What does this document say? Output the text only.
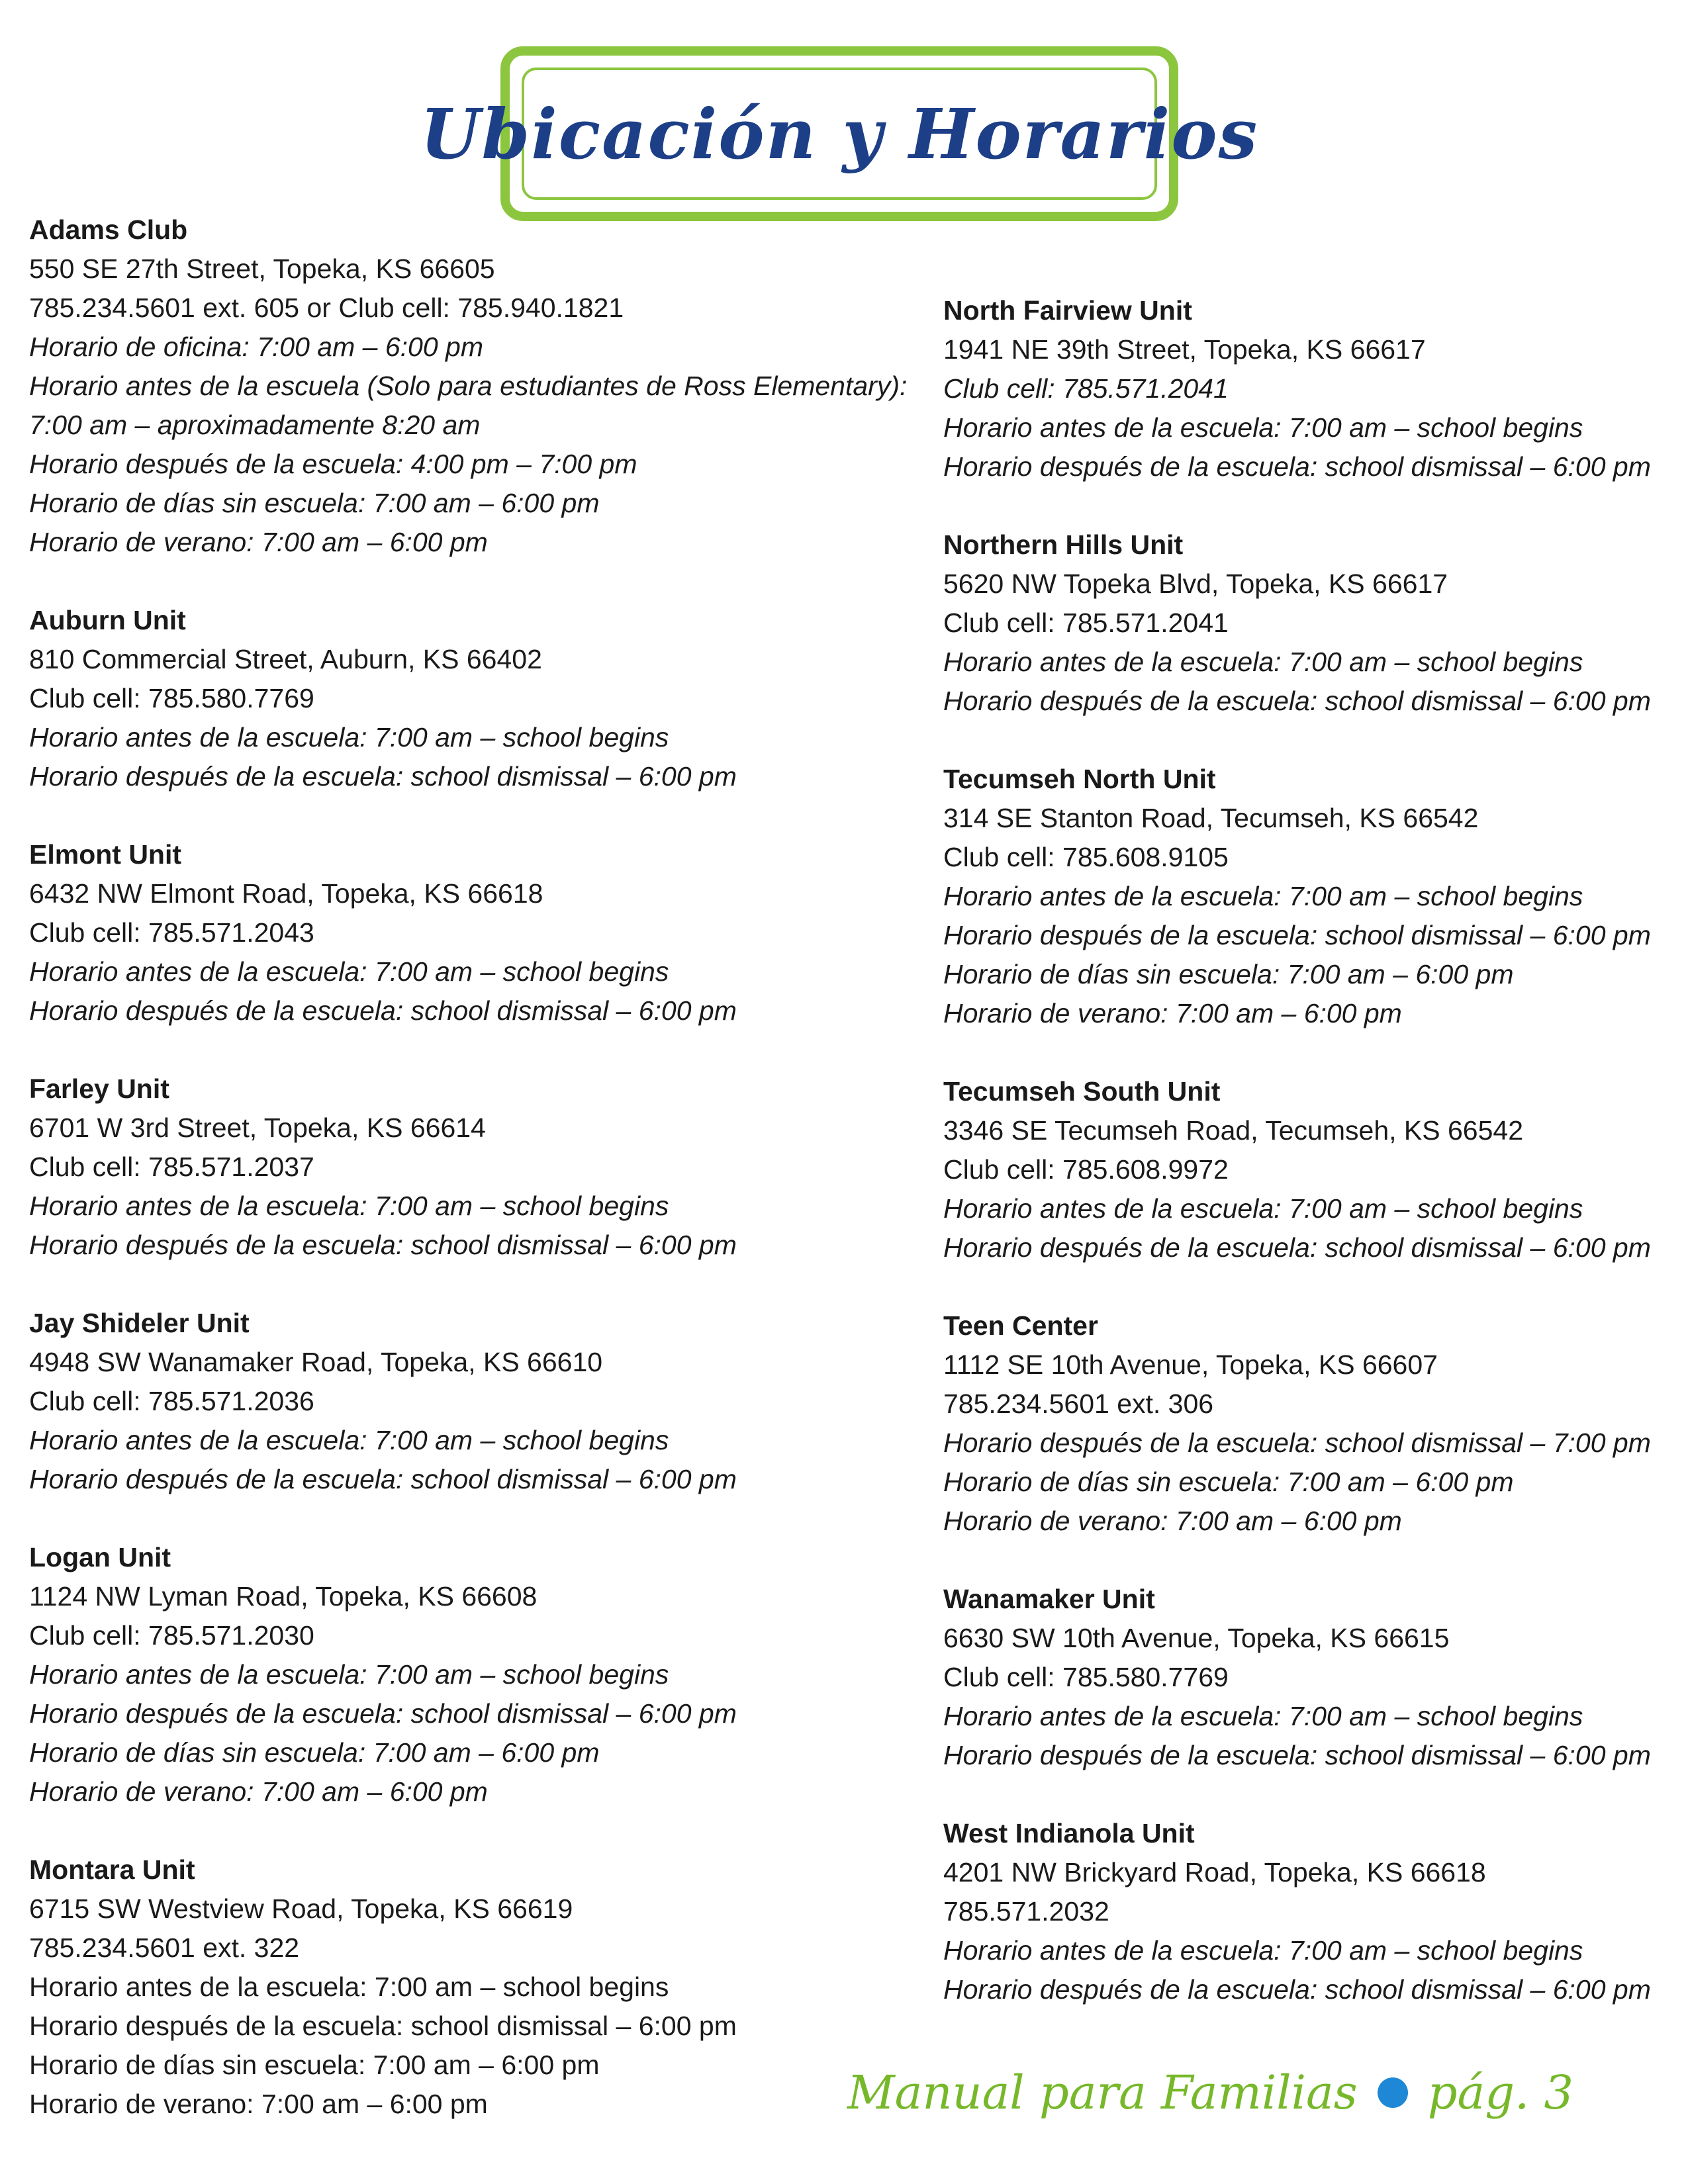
Ubicación y Horarios
Adams Club
550 SE 27th Street, Topeka, KS 66605
785.234.5601 ext. 605 or Club cell: 785.940.1821
Horario de oficina: 7:00 am – 6:00 pm
Horario antes de la escuela (Solo para estudiantes de Ross Elementary):
7:00 am – aproximadamente 8:20 am
Horario después de la escuela: 4:00 pm – 7:00 pm
Horario de días sin escuela: 7:00 am – 6:00 pm
Horario de verano: 7:00 am – 6:00 pm
Auburn Unit
810 Commercial Street, Auburn, KS 66402
Club cell: 785.580.7769
Horario antes de la escuela: 7:00 am – school begins
Horario después de la escuela: school dismissal – 6:00 pm
Elmont Unit
6432 NW Elmont Road, Topeka, KS 66618
Club cell: 785.571.2043
Horario antes de la escuela: 7:00 am – school begins
Horario después de la escuela: school dismissal – 6:00 pm
Farley Unit
6701 W 3rd Street, Topeka, KS 66614
Club cell: 785.571.2037
Horario antes de la escuela: 7:00 am – school begins
Horario después de la escuela: school dismissal – 6:00 pm
Jay Shideler Unit
4948 SW Wanamaker Road, Topeka, KS 66610
Club cell: 785.571.2036
Horario antes de la escuela: 7:00 am – school begins
Horario después de la escuela: school dismissal – 6:00 pm
Logan Unit
1124 NW Lyman Road, Topeka, KS 66608
Club cell: 785.571.2030
Horario antes de la escuela: 7:00 am – school begins
Horario después de la escuela: school dismissal – 6:00 pm
Horario de días sin escuela: 7:00 am – 6:00 pm
Horario de verano: 7:00 am – 6:00 pm
Montara Unit
6715 SW Westview Road, Topeka, KS 66619
785.234.5601 ext. 322
Horario antes de la escuela: 7:00 am – school begins
Horario después de la escuela: school dismissal – 6:00 pm
Horario de días sin escuela: 7:00 am – 6:00 pm
Horario de verano: 7:00 am – 6:00 pm
North Fairview Unit
1941 NE 39th Street, Topeka, KS 66617
Club cell: 785.571.2041
Horario antes de la escuela: 7:00 am – school begins
Horario después de la escuela: school dismissal – 6:00 pm
Northern Hills Unit
5620 NW Topeka Blvd, Topeka, KS 66617
Club cell: 785.571.2041
Horario antes de la escuela: 7:00 am – school begins
Horario después de la escuela: school dismissal – 6:00 pm
Tecumseh North Unit
314 SE Stanton Road, Tecumseh, KS 66542
Club cell: 785.608.9105
Horario antes de la escuela: 7:00 am – school begins
Horario después de la escuela: school dismissal – 6:00 pm
Horario de días sin escuela: 7:00 am – 6:00 pm
Horario de verano: 7:00 am – 6:00 pm
Tecumseh South Unit
3346 SE Tecumseh Road, Tecumseh, KS 66542
Club cell: 785.608.9972
Horario antes de la escuela: 7:00 am – school begins
Horario después de la escuela: school dismissal – 6:00 pm
Teen Center
1112 SE 10th Avenue, Topeka, KS 66607
785.234.5601 ext. 306
Horario después de la escuela: school dismissal – 7:00 pm
Horario de días sin escuela: 7:00 am – 6:00 pm
Horario de verano: 7:00 am – 6:00 pm
Wanamaker Unit
6630 SW 10th Avenue, Topeka, KS 66615
Club cell: 785.580.7769
Horario antes de la escuela: 7:00 am – school begins
Horario después de la escuela: school dismissal – 6:00 pm
West Indianola Unit
4201 NW Brickyard Road, Topeka, KS 66618
785.571.2032
Horario antes de la escuela: 7:00 am – school begins
Horario después de la escuela: school dismissal – 6:00 pm
Manual para Familias pág. 3
